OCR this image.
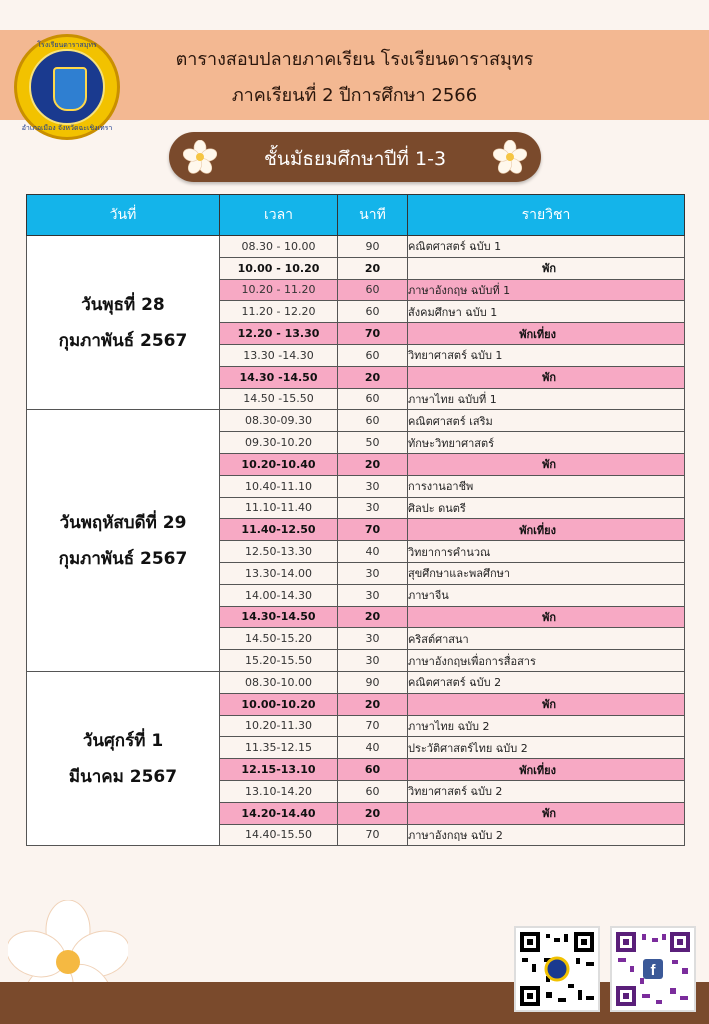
ตารางสอบปลายภาคเรียน โรงเรียนดาราสมุทร
ภาคเรียนที่ 2 ปีการศึกษา 2566
โรงเรียนดาราสมุทร
อำเภอเมือง จังหวัดฉะเชิงเทรา
ชั้นมัธยมศึกษาปีที่ 1-3
วันที่	เวลา	นาที	รายวิชา

วันพุธที่ 28
กุมภาพันธ์ 2567	08.30 - 10.00	90	คณิตศาสตร์ ฉบับ 1
	10.00 - 10.20	20	พัก
	10.20 - 11.20	60	ภาษาอังกฤษ ฉบับที่ 1
	11.20 - 12.20	60	สังคมศึกษา ฉบับ 1
	12.20 - 13.30	70	พักเที่ยง
	13.30 -14.30	60	วิทยาศาสตร์ ฉบับ 1
	14.30 -14.50	20	พัก
	14.50 -15.50	60	ภาษาไทย ฉบับที่ 1

วันพฤหัสบดีที่ 29
กุมภาพันธ์ 2567	08.30-09.30	60	คณิตศาสตร์ เสริม
	09.30-10.20	50	ทักษะวิทยาศาสตร์
	10.20-10.40	20	พัก
	10.40-11.10	30	การงานอาชีพ
	11.10-11.40	30	ศิลปะ ดนตรี
	11.40-12.50	70	พักเที่ยง
	12.50-13.30	40	วิทยาการคำนวณ
	13.30-14.00	30	สุขศึกษาและพลศึกษา
	14.00-14.30	30	ภาษาจีน
	14.30-14.50	20	พัก
	14.50-15.20	30	คริสต์ศาสนา
	15.20-15.50	30	ภาษาอังกฤษเพื่อการสื่อสาร

วันศุกร์ที่ 1
มีนาคม 2567	08.30-10.00	90	คณิตศาสตร์ ฉบับ 2
	10.00-10.20	20	พัก
	10.20-11.30	70	ภาษาไทย ฉบับ 2
	11.35-12.15	40	ประวัติศาสตร์ไทย ฉบับ 2
	12.15-13.10	60	พักเที่ยง
	13.10-14.20	60	วิทยาศาสตร์ ฉบับ 2
	14.20-14.40	20	พัก
	14.40-15.50	70	ภาษาอังกฤษ ฉบับ 2
f
